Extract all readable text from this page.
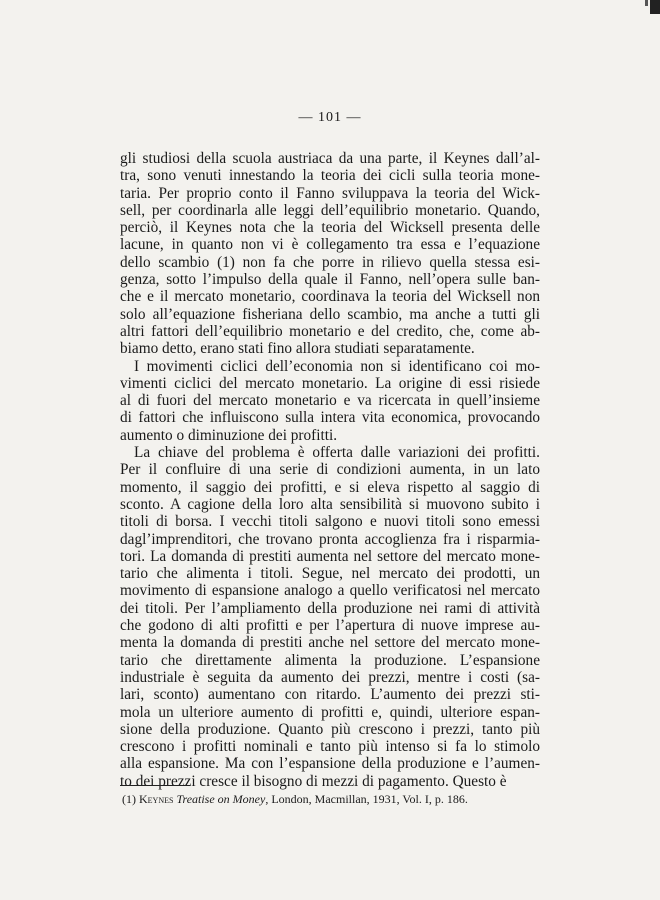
— 101 —
gli studiosi della scuola austriaca da una parte, il Keynes dall’al-
tra, sono venuti innestando la teoria dei cicli sulla teoria mone-
taria. Per proprio conto il Fanno sviluppava la teoria del Wick-
sell, per coordinarla alle leggi dell’equilibrio monetario. Quando,
perciò, il Keynes nota che la teoria del Wicksell presenta delle
lacune, in quanto non vi è collegamento tra essa e l’equazione
dello scambio (1) non fa che porre in rilievo quella stessa esi-
genza, sotto l’impulso della quale il Fanno, nell’opera sulle ban-
che e il mercato monetario, coordinava la teoria del Wicksell non
solo all’equazione fisheriana dello scambio, ma anche a tutti gli
altri fattori dell’equilibrio monetario e del credito, che, come ab-
biamo detto, erano stati fino allora studiati separatamente.
I movimenti ciclici dell’economia non si identificano coi mo-
vimenti ciclici del mercato monetario. La origine di essi risiede
al di fuori del mercato monetario e va ricercata in quell’insieme
di fattori che influiscono sulla intera vita economica, provocando
aumento o diminuzione dei profitti.
La chiave del problema è offerta dalle variazioni dei profitti.
Per il confluire di una serie di condizioni aumenta, in un lato
momento, il saggio dei profitti, e si eleva rispetto al saggio di
sconto. A cagione della loro alta sensibilità si muovono subito i
titoli di borsa. I vecchi titoli salgono e nuovi titoli sono emessi
dagl’imprenditori, che trovano pronta accoglienza fra i risparmia-
tori. La domanda di prestiti aumenta nel settore del mercato mone-
tario che alimenta i titoli. Segue, nel mercato dei prodotti, un
movimento di espansione analogo a quello verificatosi nel mercato
dei titoli. Per l’ampliamento della produzione nei rami di attività
che godono di alti profitti e per l’apertura di nuove imprese au-
menta la domanda di prestiti anche nel settore del mercato mone-
tario che direttamente alimenta la produzione. L’espansione
industriale è seguita da aumento dei prezzi, mentre i costi (sa-
lari, sconto) aumentano con ritardo. L’aumento dei prezzi sti-
mola un ulteriore aumento di profitti e, quindi, ulteriore espan-
sione della produzione. Quanto più crescono i prezzi, tanto più
crescono i profitti nominali e tanto più intenso si fa lo stimolo
alla espansione. Ma con l’espansione della produzione e l’aumen-
to dei prezzi cresce il bisogno di mezzi di pagamento. Questo è
(1) Keynes Treatise on Money, London, Macmillan, 1931, Vol. I, p. 186.
